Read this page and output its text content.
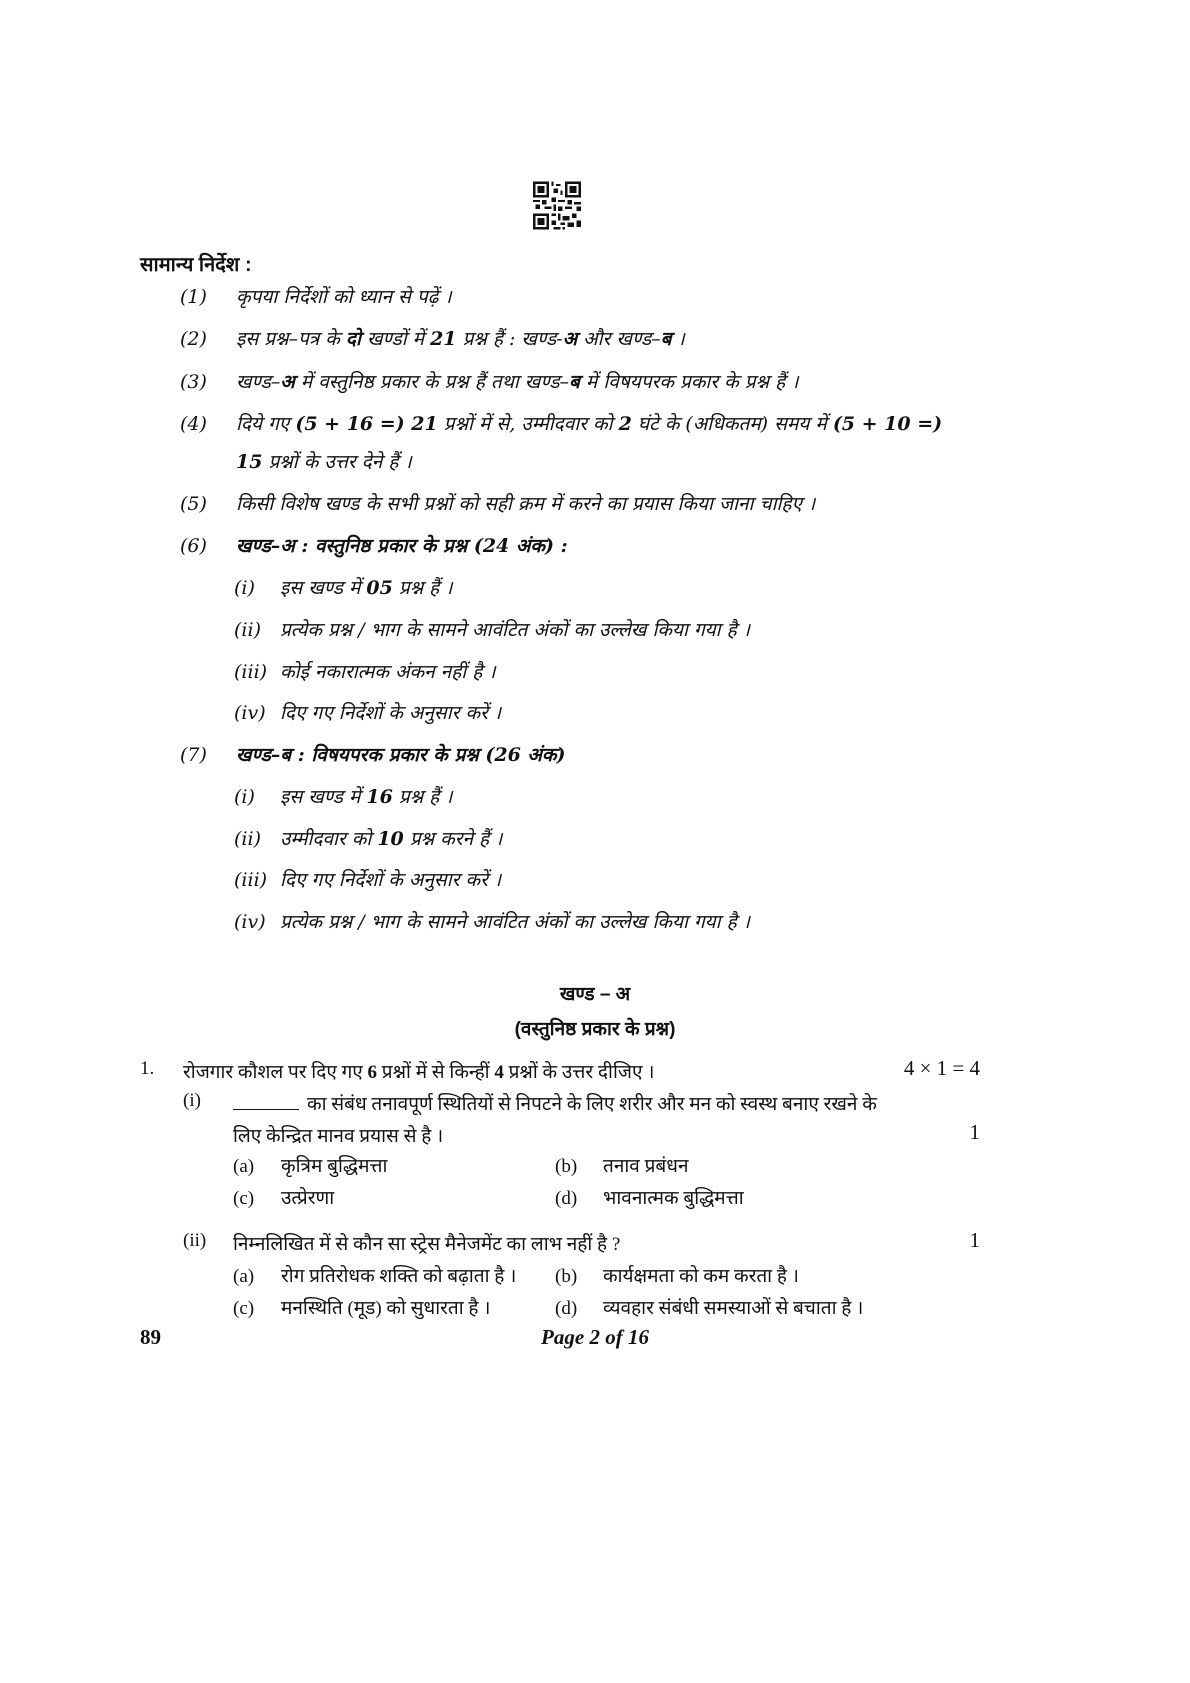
सामान्य निर्देश :
(1) कृपया निर्देशों को ध्यान से पढ़ें ।
(2) इस प्रश्न–पत्र के दो खण्डों में 21 प्रश्न हैं : खण्ड-अ और खण्ड–ब ।
(3) खण्ड–अ में वस्तुनिष्ठ प्रकार के प्रश्न हैं तथा खण्ड–ब में विषयपरक प्रकार के प्रश्न हैं ।
(4) दिये गए (5 + 16 =) 21 प्रश्नों में से, उम्मीदवार को 2 घंटे के (अधिकतम) समय में (5 + 10 =)
15 प्रश्नों के उत्तर देने हैं ।
(5) किसी विशेष खण्ड के सभी प्रश्नों को सही क्रम में करने का प्रयास किया जाना चाहिए ।
(6) खण्ड–अ : वस्तुनिष्ठ प्रकार के प्रश्न (24 अंक) :
(i) इस खण्ड में 05 प्रश्न हैं ।
(ii) प्रत्येक प्रश्न / भाग के सामने आवंटित अंकों का उल्लेख किया गया है ।
(iii) कोई नकारात्मक अंकन नहीं है ।
(iv) दिए गए निर्देशों के अनुसार करें ।
(7) खण्ड–ब : विषयपरक प्रकार के प्रश्न (26 अंक)
(i) इस खण्ड में 16 प्रश्न हैं ।
(ii) उम्मीदवार को 10 प्रश्न करने हैं ।
(iii) दिए गए निर्देशों के अनुसार करें ।
(iv) प्रत्येक प्रश्न / भाग के सामने आवंटित अंकों का उल्लेख किया गया है ।
खण्ड – अ
(वस्तुनिष्ठ प्रकार के प्रश्न)
1. रोजगार कौशल पर दिए गए 6 प्रश्नों में से किन्हीं 4 प्रश्नों के उत्तर दीजिए ।	4 × 1 = 4
(i)	का संबंध तनावपूर्ण स्थितियों से निपटने के लिए शरीर और मन को स्वस्थ बनाए रखने के
लिए केन्द्रित मानव प्रयास से है ।	1
(a) कृत्रिम बुद्धिमत्ता	(b) तनाव प्रबंधन
(c) उत्प्रेरणा	(d) भावनात्मक बुद्धिमत्ता
(ii) निम्नलिखित में से कौन सा स्ट्रेस मैनेजमेंट का लाभ नहीं है ?	1
(a) रोग प्रतिरोधक शक्ति को बढ़ाता है । (b) कार्यक्षमता को कम करता है ।
(c) मनस्थिति (मूड) को सुधारता है ।	(d) व्यवहार संबंधी समस्याओं से बचाता है ।
89	Page 2 of 16
